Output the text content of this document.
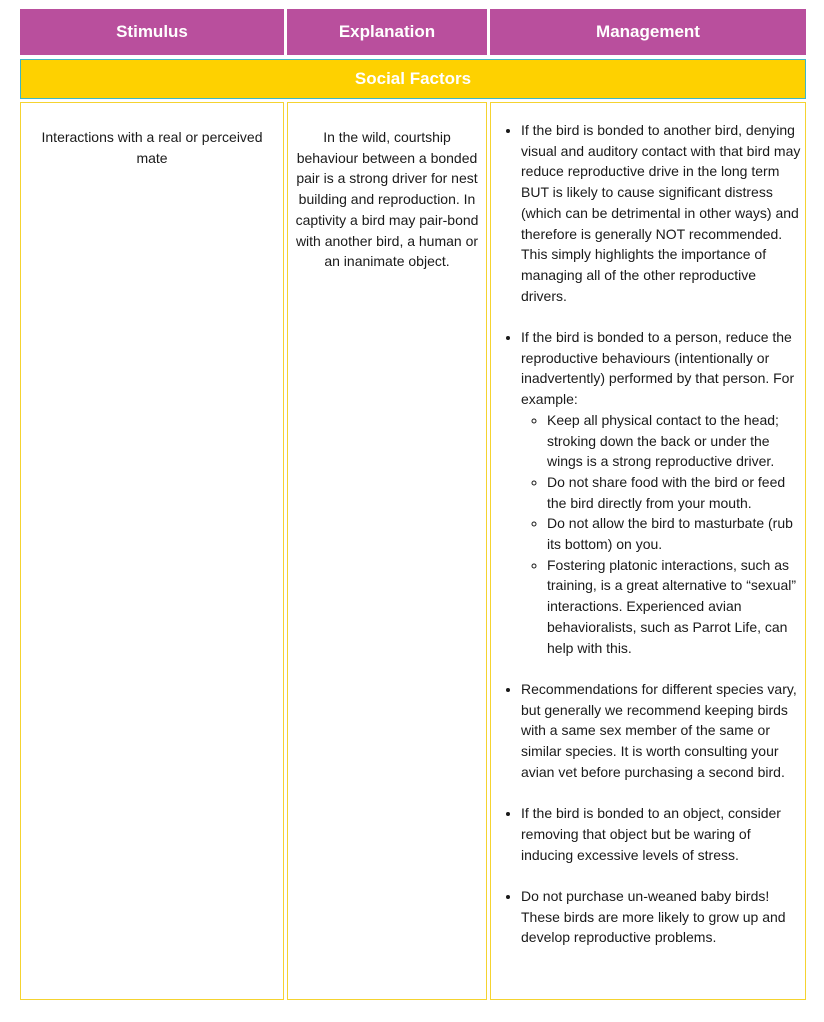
Stimulus	Explanation	Management
Social Factors
Interactions with a real or perceived mate
In the wild, courtship behaviour between a bonded pair is a strong driver for nest building and reproduction. In captivity a bird may pair-bond with another bird, a human or an inanimate object.
• If the bird is bonded to another bird, denying visual and auditory contact with that bird may reduce reproductive drive in the long term BUT is likely to cause significant distress (which can be detrimental in other ways) and therefore is generally NOT recommended. This simply highlights the importance of managing all of the other reproductive drivers.
• If the bird is bonded to a person, reduce the reproductive behaviours (intentionally or inadvertently) performed by that person. For example:
◦ Keep all physical contact to the head; stroking down the back or under the wings is a strong reproductive driver.
◦ Do not share food with the bird or feed the bird directly from your mouth.
◦ Do not allow the bird to masturbate (rub its bottom) on you.
◦ Fostering platonic interactions, such as training, is a great alternative to “sexual” interactions. Experienced avian behavioralists, such as Parrot Life, can help with this.
• Recommendations for different species vary, but generally we recommend keeping birds with a same sex member of the same or similar species. It is worth consulting your avian vet before purchasing a second bird.
• If the bird is bonded to an object, consider removing that object but be waring of inducing excessive levels of stress.
• Do not purchase un-weaned baby birds! These birds are more likely to grow up and develop reproductive problems.
